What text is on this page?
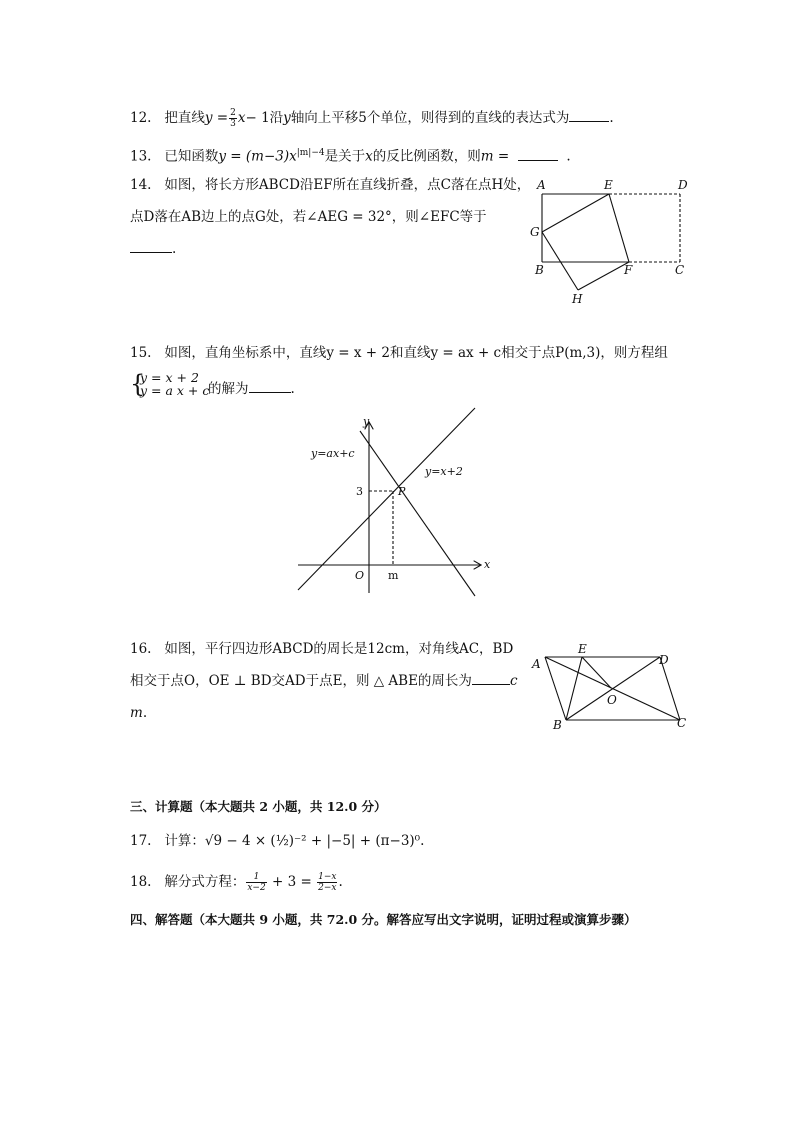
12. 把直线$y = \frac{2}{3} x- 1$沿y轴向上平移5个单位，则得到的直线的表达式为	.
13. 已知函数$y = (m-3)x^{|m|-4}$是关于x的反比例函数，则m =	.
14. 如图，将长方形ABCD沿EF所在直线折叠，点C落在点H处，
点D落在AB边上的点G处，若∠AEG = 32°，则∠EFC等于
.
A	E	D
G
B	F	C
H
15. 如图，直角坐标系中，直线y = x + 2和直线y = ax + c相交于点P(m,3)，则方程组
{
y = x + 2
y = a x + c
的解为	.
y
x
y=ax+c
y=x+2
3	P
O m
16. 如图，平行四边形ABCD的周长是12cm，对角线AC，BD
相交于点O，OE ⊥ BD交AD于点E，则 △ ABE的周长为	c
m.
A
E
D
O
B	C
三、计算题（本大题共 2 小题，共 12.0 分）
17. 计算：√9 − 4 × (½)⁻² + |−5| + (π−3)⁰.
18. 解分式方程： $\frac{1}{x-2} + 3 = \frac{1-x}{2-x}$ .
四、解答题（本大题共 9 小题，共 72.0 分。解答应写出文字说明，证明过程或演算步骤）
